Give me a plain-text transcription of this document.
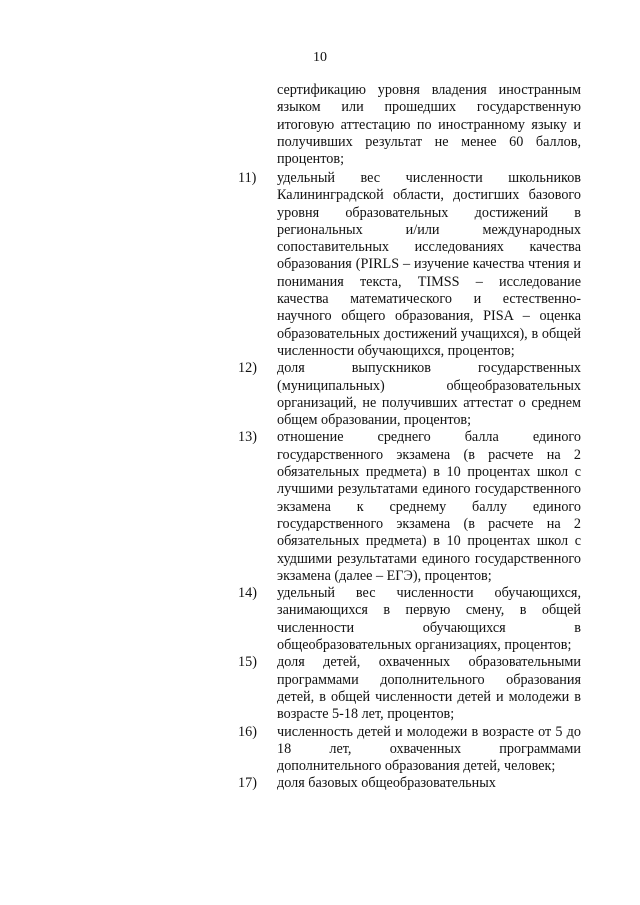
10

сертификацию уровня владения иностранным языком или прошедших государственную итоговую аттестацию по иностранному языку и получивших результат не менее 60 баллов, процентов;

11)	удельный вес численности школьников Калининградской области, достигших базового уровня образовательных достижений в региональных и/или международных сопоставительных исследованиях качества образования (PIRLS – изучение качества чтения и понимания текста, TIMSS – исследование качества математического и естественно-научного общего образования, PISA – оценка образовательных достижений учащихся), в общей численности обучающихся, процентов;

12)	доля выпускников государственных (муниципальных) общеобразовательных организаций, не получивших аттестат о среднем общем образовании, процентов;

13)	отношение среднего балла единого государственного экзамена (в расчете на 2 обязательных предмета) в 10 процентах школ с лучшими результатами единого государственного экзамена к среднему баллу единого государственного экзамена (в расчете на 2 обязательных предмета) в 10 процентах школ с худшими результатами единого государственного экзамена (далее – ЕГЭ), процентов;

14)	удельный вес численности обучающихся, занимающихся в первую смену, в общей численности обучающихся в общеобразовательных организациях, процентов;

15)	доля детей, охваченных образовательными программами дополнительного образования детей, в общей численности детей и молодежи в возрасте 5-18 лет, процентов;

16)	численность детей и молодежи в возрасте от 5 до 18 лет, охваченных программами дополнительного образования детей, человек;

17)	доля базовых общеобразовательных
